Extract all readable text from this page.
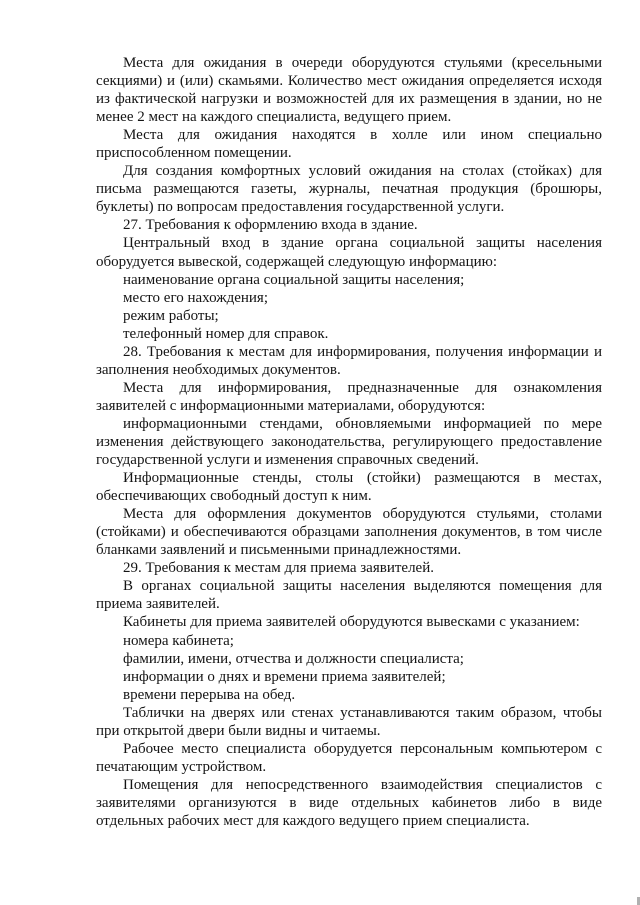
Места для ожидания в очереди оборудуются стульями (кресельными секциями) и (или) скамьями. Количество мест ожидания определяется исходя из фактической нагрузки и возможностей для их размещения в здании, но не менее 2 мест на каждого специалиста, ведущего прием.

Места для ожидания находятся в холле или ином специально приспособленном помещении.

Для создания комфортных условий ожидания на столах (стойках) для письма размещаются газеты, журналы, печатная продукция (брошюры, буклеты) по вопросам предоставления государственной услуги.

27. Требования к оформлению входа в здание.

Центральный вход в здание органа социальной защиты населения оборудуется вывеской, содержащей следующую информацию:

наименование органа социальной защиты населения;

место его нахождения;

режим работы;

телефонный номер для справок.

28. Требования к местам для информирования, получения информации и заполнения необходимых документов.

Места для информирования, предназначенные для ознакомления заявителей с информационными материалами, оборудуются:

информационными стендами, обновляемыми информацией по мере изменения действующего законодательства, регулирующего предоставление государственной услуги и изменения справочных сведений.

Информационные стенды, столы (стойки) размещаются в местах, обеспечивающих свободный доступ к ним.

Места для оформления документов оборудуются стульями, столами (стойками) и обеспечиваются образцами заполнения документов, в том числе бланками заявлений и письменными принадлежностями.

29. Требования к местам для приема заявителей.

В органах социальной защиты населения выделяются помещения для приема заявителей.

Кабинеты для приема заявителей оборудуются вывесками с указанием:

номера кабинета;

фамилии, имени, отчества и должности специалиста;

информации о днях и времени приема заявителей;

времени перерыва на обед.

Таблички на дверях или стенах устанавливаются таким образом, чтобы при открытой двери были видны и читаемы.

Рабочее место специалиста оборудуется персональным компьютером с печатающим устройством.

Помещения для непосредственного взаимодействия специалистов с заявителями организуются в виде отдельных кабинетов либо в виде отдельных рабочих мест для каждого ведущего прием специалиста.
